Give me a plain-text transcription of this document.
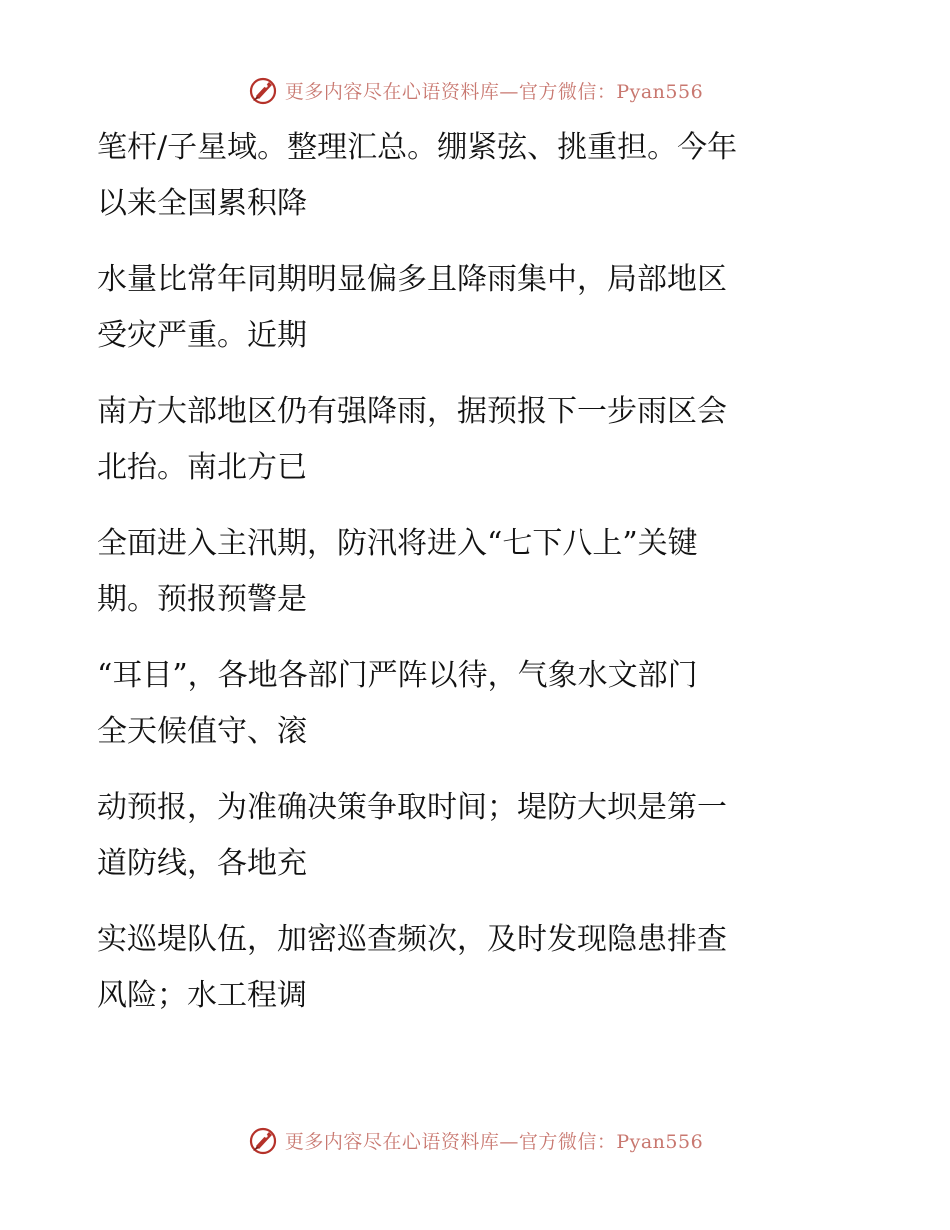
更多内容尽在心语资料库—官方微信：Pyan556

笔杆/子星域。整理汇总。绷紧弦、挑重担。今年
以来全国累积降

水量比常年同期明显偏多且降雨集中，局部地区
受灾严重。近期

南方大部地区仍有强降雨，据预报下一步雨区会
北抬。南北方已

全面进入主汛期，防汛将进入“七下八上”关键
期。预报预警是

“耳目”，各地各部门严阵以待，气象水文部门
全天候值守、滚

动预报，为准确决策争取时间；堤防大坝是第一
道防线，各地充

实巡堤队伍，加密巡查频次，及时发现隐患排查
风险；水工程调

更多内容尽在心语资料库—官方微信：Pyan556
